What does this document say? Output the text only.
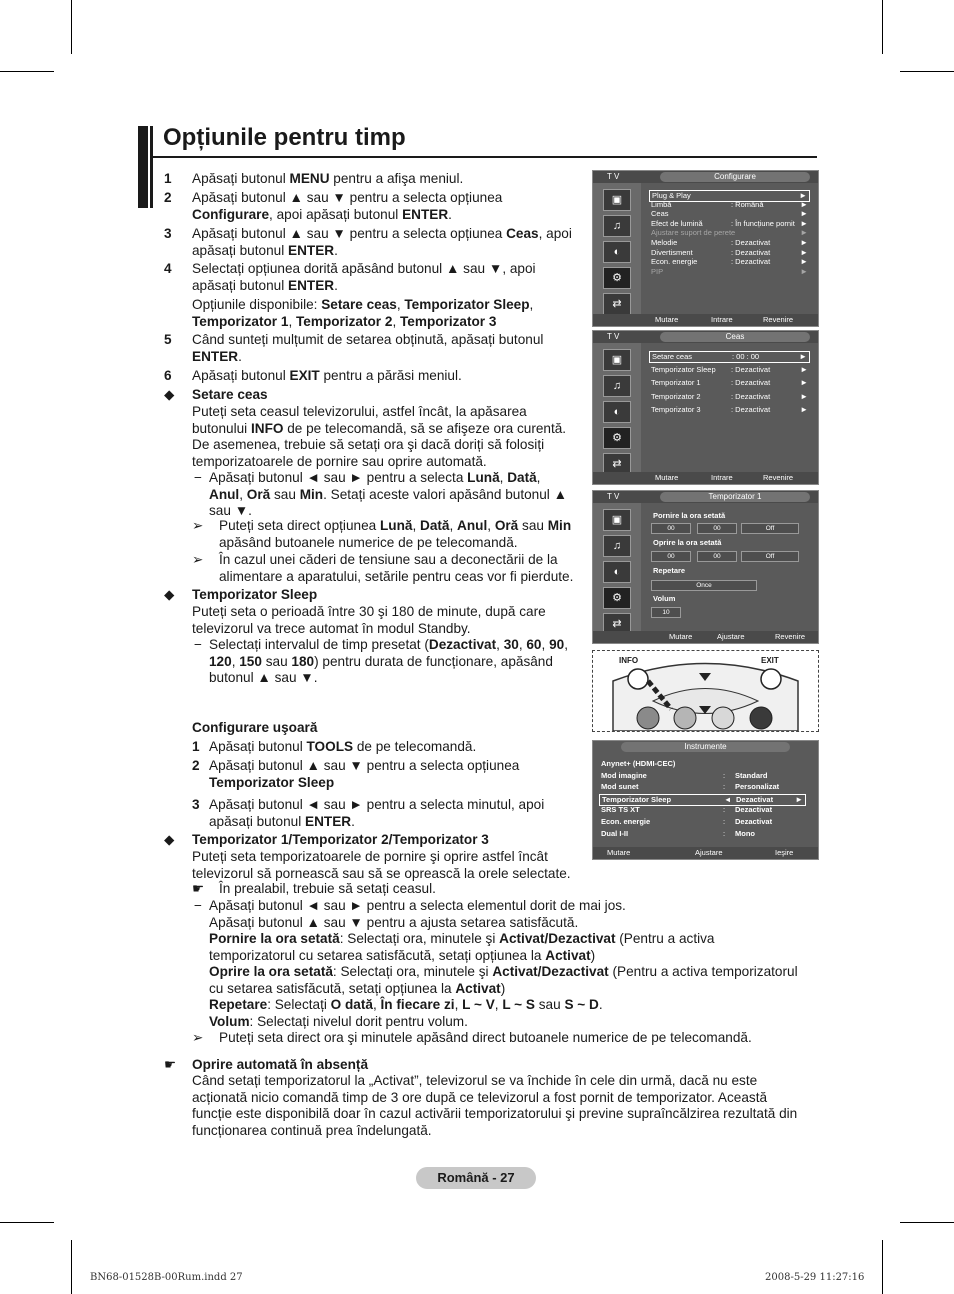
Opțiunile pentru timp
1 Apăsați butonul MENU pentru a afişa meniul.
2 Apăsați butonul ▲ sau ▼ pentru a selecta opțiunea
Configurare, apoi apăsați butonul ENTER.
3 Apăsați butonul ▲ sau ▼ pentru a selecta opțiunea Ceas, apoi
apăsați butonul ENTER.
4 Selectați opțiunea dorită apăsând butonul ▲ sau ▼, apoi
apăsați butonul ENTER.
Opțiunile disponibile: Setare ceas, Temporizator Sleep,
Temporizator 1, Temporizator 2, Temporizator 3
5 Când sunteți mulțumit de setarea obținută, apăsați butonul
ENTER.
6 Apăsați butonul EXIT pentru a părăsi meniul.
◆ Setare ceas
Puteți seta ceasul televizorului, astfel încât, la apăsarea
butonului INFO de pe telecomandă, să se afişeze ora curentă.
De asemenea, trebuie să setați ora şi dacă doriți să folosiți
temporizatoarele de pornire sau oprire automată.
− Apăsați butonul ◄ sau ► pentru a selecta Lună, Dată,
Anul, Oră sau Min. Setați aceste valori apăsând butonul ▲
sau ▼.
➢ Puteți seta direct opțiunea Lună, Dată, Anul, Oră sau Min
apăsând butoanele numerice de pe telecomandă.
➢ În cazul unei căderi de tensiune sau a deconectării de la
alimentare a aparatului, setările pentru ceas vor fi pierdute.
◆ Temporizator Sleep
Puteți seta o perioadă între 30 şi 180 de minute, după care
televizorul va trece automat în modul Standby.
− Selectați intervalul de timp presetat (Dezactivat, 30, 60, 90,
120, 150 sau 180) pentru durata de funcționare, apăsând
butonul ▲ sau ▼.
Configurare uşoară
1 Apăsați butonul TOOLS de pe telecomandă.
2 Apăsați butonul ▲ sau ▼ pentru a selecta opțiunea
Temporizator Sleep
3 Apăsați butonul ◄ sau ► pentru a selecta minutul, apoi
apăsați butonul ENTER.
◆ Temporizator 1/Temporizator 2/Temporizator 3
Puteți seta temporizatoarele de pornire şi oprire astfel încât
televizorul să pornească sau să se oprească la orele selectate.
☛ În prealabil, trebuie să setați ceasul.
− Apăsați butonul ◄ sau ► pentru a selecta elementul dorit de mai jos.
Apăsați butonul ▲ sau ▼ pentru a ajusta setarea satisfăcută.
Pornire la ora setată: Selectați ora, minutele şi Activat/Dezactivat (Pentru a activa
temporizatorul cu setarea satisfăcută, setați opțiunea la Activat)
Oprire la ora setată: Selectați ora, minutele şi Activat/Dezactivat (Pentru a activa temporizatorul
cu setarea satisfăcută, setați opțiunea la Activat)
Repetare: Selectați O dată, În fiecare zi, L ~ V, L ~ S sau S ~ D.
Volum: Selectați nivelul dorit pentru volum.
➢ Puteți seta direct ora şi minutele apăsând direct butoanele numerice de pe telecomandă.
☛ Oprire automată în absență
Când setați temporizatorul la „Activat”, televizorul se va închide în cele din urmă, dacă nu este
acționată nicio comandă timp de 3 ore după ce televizorul a fost pornit de temporizator. Această
funcție este disponibilă doar în cazul activării temporizatorului şi previne supraîncălzirea rezultată din
funcționarea continuă prea îndelungată.
Română - 27
BN68-01528B-00Rum.indd 27	2008-5-29 11:27:16
T V	Configurare
▣
♫
◐
⚙
⇄
Plug & Play	►
Limbă	: Română	►
Ceas	►
Efect de lumină	: În funcțiune pornit ►
Ajustare suport de perete	►
Melodie	: Dezactivat	►
Divertisment	: Dezactivat	►
Econ. energie	: Dezactivat	►
PIP	►
Mutare	Intrare	Revenire
T V	Ceas
▣
♫
◐
⚙
⇄
Setare ceas	: 00 : 00	►
Temporizator Sleep : Dezactivat	►
Temporizator 1	: Dezactivat	►
Temporizator 2	: Dezactivat	►
Temporizator 3	: Dezactivat	►
Mutare	Intrare	Revenire
T V	Temporizator 1
▣
♫
◐
⚙
⇄
Pornire la ora setată
00	00	Off
Oprire la ora setată
00	00	Off
Repetare
Once
Volum
10
Mutare	Ajustare	Revenire
INFO	EXIT
Instrumente
Anynet+ (HDMI-CEC)
Mod imagine	: Standard
Mod sunet	: Personalizat
Temporizator Sleep	◄ Dezactivat	►
SRS TS XT	: Dezactivat
Econ. energie	: Dezactivat
Dual I-II	: Mono
Mutare	Ajustare	Ieşire
